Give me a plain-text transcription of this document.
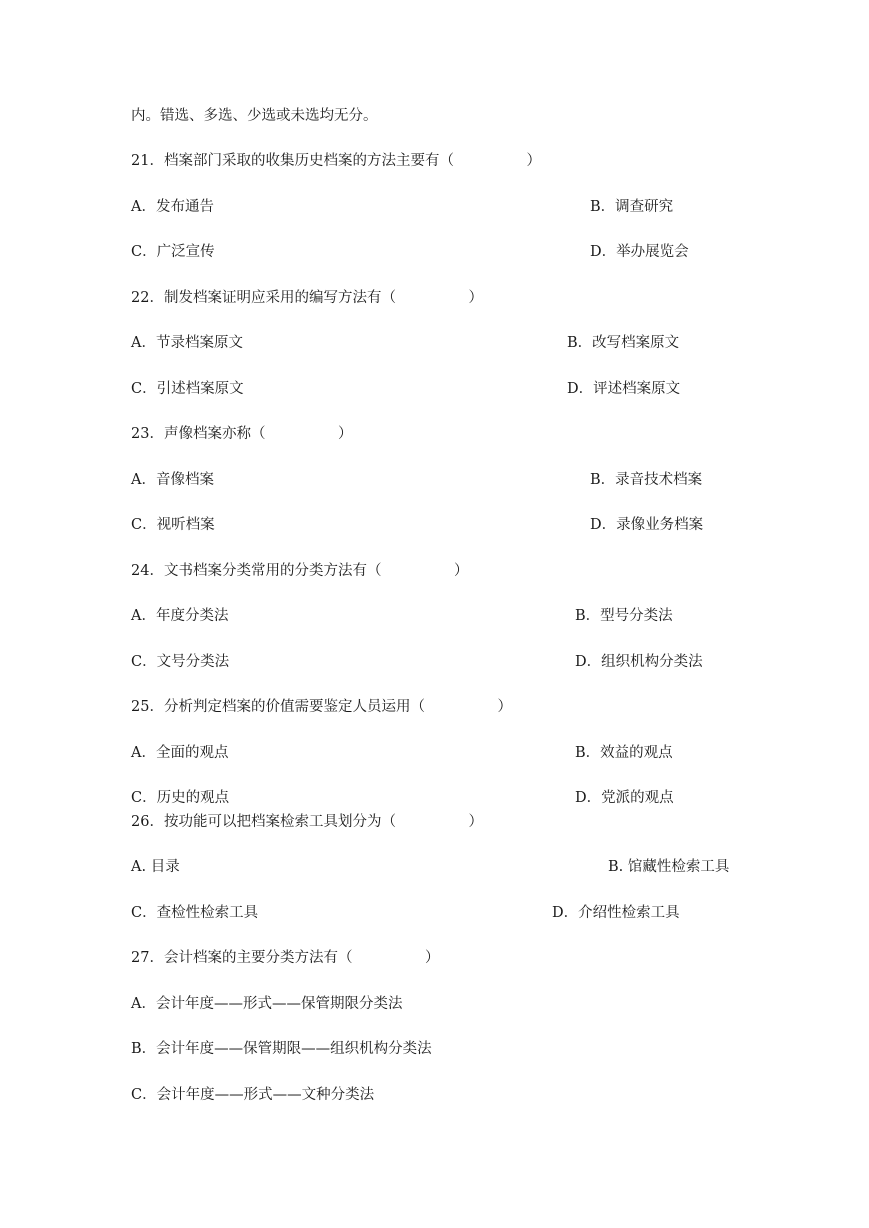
内。错选、多选、少选或未选均无分。
21．档案部门采取的收集历史档案的方法主要有（　　　　　）
A．发布通告	B．调查研究
C．广泛宣传	D．举办展览会
22．制发档案证明应采用的编写方法有（　　　　　）
A．节录档案原文	B．改写档案原文
C．引述档案原文	D．评述档案原文
23．声像档案亦称（　　　　　）
A．音像档案	B．录音技术档案
C．视听档案	D．录像业务档案
24．文书档案分类常用的分类方法有（　　　　　）
A．年度分类法	B．型号分类法
C．文号分类法	D．组织机构分类法
25．分析判定档案的价值需要鉴定人员运用（　　　　　）
A．全面的观点	B．效益的观点
C．历史的观点	D．党派的观点
26．按功能可以把档案检索工具划分为（　　　　　）
A. 目录	B. 馆藏性检索工具
C．查检性检索工具	D．介绍性检索工具
27．会计档案的主要分类方法有（　　　　　）
A．会计年度——形式——保管期限分类法
B．会计年度——保管期限——组织机构分类法
C．会计年度——形式——文种分类法
